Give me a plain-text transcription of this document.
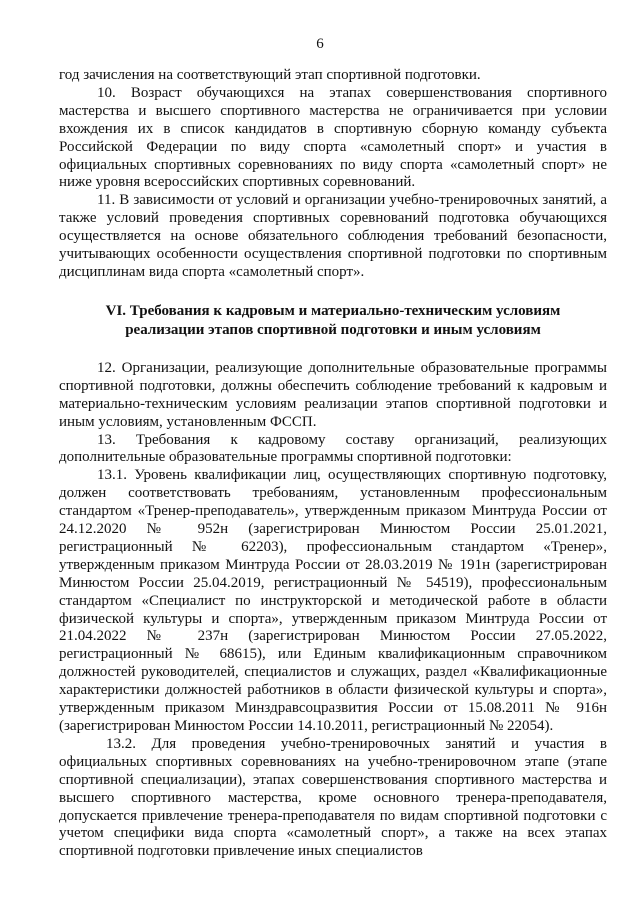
6

год зачисления на соответствующий этап спортивной подготовки.

10. Возраст обучающихся на этапах совершенствования спортивного мастерства и высшего спортивного мастерства не ограничивается при условии вхождения их в список кандидатов в спортивную сборную команду субъекта Российской Федерации по виду спорта «самолетный спорт» и участия в официальных спортивных соревнованиях по виду спорта «самолетный спорт» не ниже уровня всероссийских спортивных соревнований.

11. В зависимости от условий и организации учебно-тренировочных занятий, а также условий проведения спортивных соревнований подготовка обучающихся осуществляется на основе обязательного соблюдения требований безопасности, учитывающих особенности осуществления спортивной подготовки по спортивным дисциплинам вида спорта «самолетный спорт».

VI. Требования к кадровым и материально-техническим условиям
реализации этапов спортивной подготовки и иным условиям

12. Организации, реализующие дополнительные образовательные программы спортивной подготовки, должны обеспечить соблюдение требований к кадровым и материально-техническим условиям реализации этапов спортивной подготовки и иным условиям, установленным ФССП.

13. Требования к кадровому составу организаций, реализующих дополнительные образовательные программы спортивной подготовки:

13.1. Уровень квалификации лиц, осуществляющих спортивную подготовку, должен соответствовать требованиям, установленным профессиональным стандартом «Тренер-преподаватель», утвержденным приказом Минтруда России от 24.12.2020 № 952н (зарегистрирован Минюстом России 25.01.2021, регистрационный № 62203), профессиональным стандартом «Тренер», утвержденным приказом Минтруда России от 28.03.2019 № 191н (зарегистрирован Минюстом России 25.04.2019, регистрационный № 54519), профессиональным стандартом «Специалист по инструкторской и методической работе в области физической культуры и спорта», утвержденным приказом Минтруда России от 21.04.2022 № 237н (зарегистрирован Минюстом России 27.05.2022, регистрационный № 68615), или Единым квалификационным справочником должностей руководителей, специалистов и служащих, раздел «Квалификационные характеристики должностей работников в области физической культуры и спорта», утвержденным приказом Минздравсоцразвития России от 15.08.2011 № 916н (зарегистрирован Минюстом России 14.10.2011, регистрационный № 22054).

13.2. Для проведения учебно-тренировочных занятий и участия в официальных спортивных соревнованиях на учебно-тренировочном этапе (этапе спортивной специализации), этапах совершенствования спортивного мастерства и высшего спортивного мастерства, кроме основного тренера-преподавателя, допускается привлечение тренера-преподавателя по видам спортивной подготовки с учетом специфики вида спорта «самолетный спорт», а также на всех этапах спортивной подготовки привлечение иных специалистов
